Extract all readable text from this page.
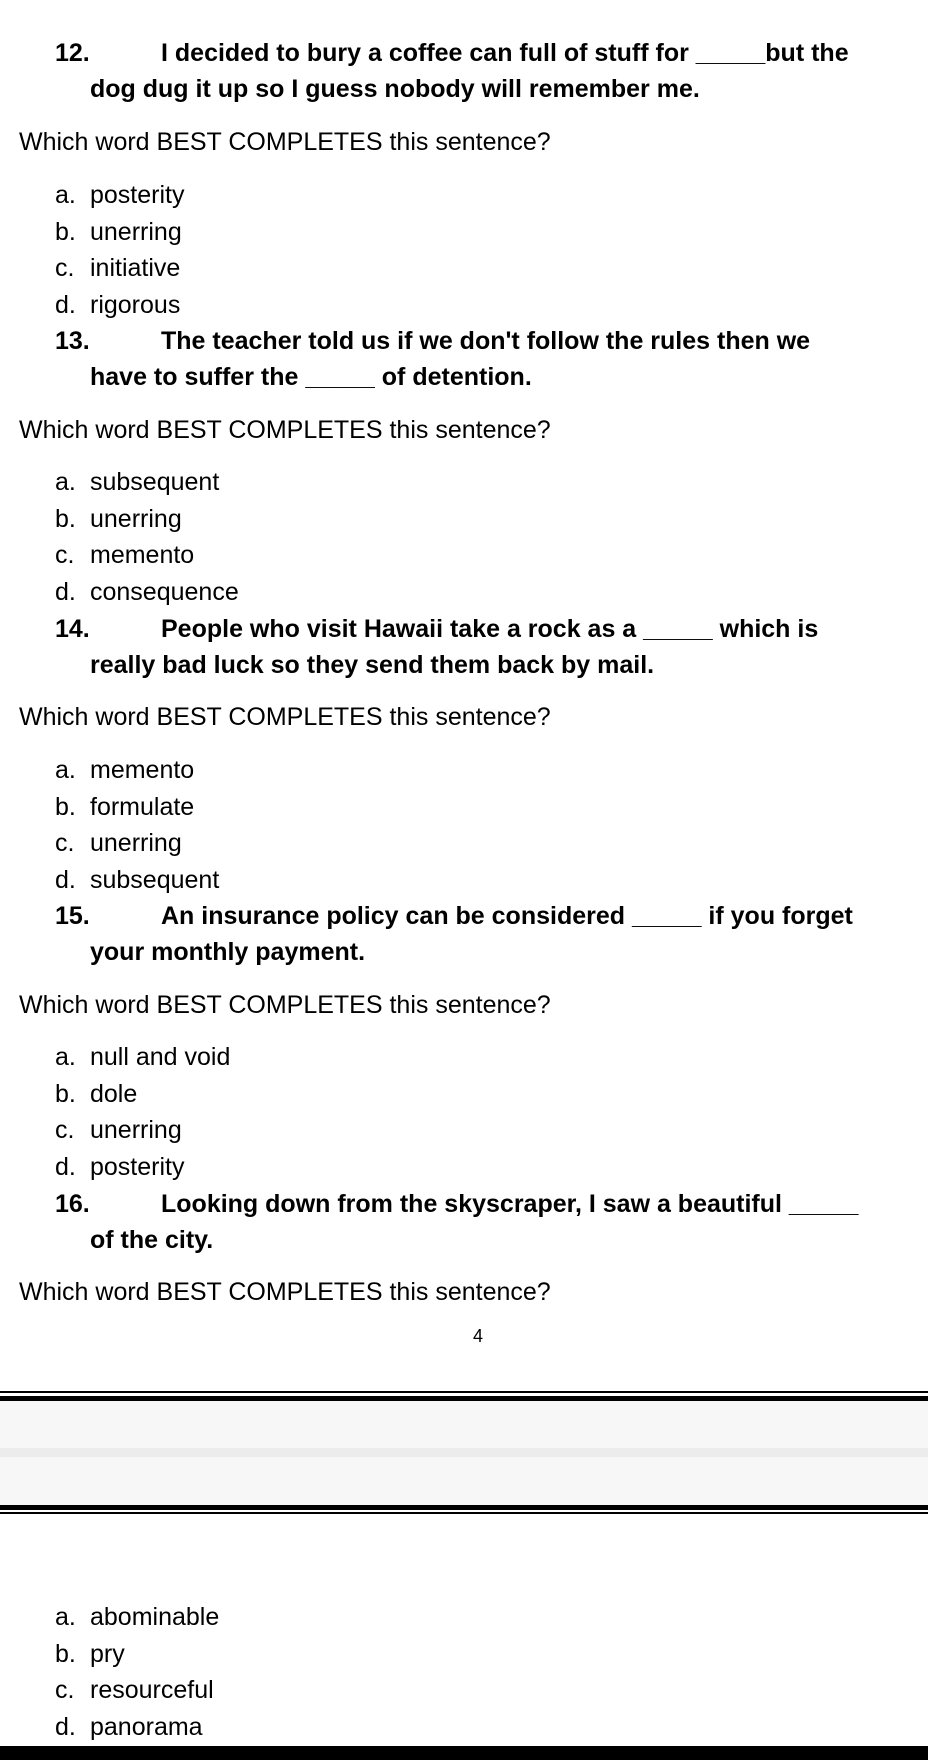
12.	I decided to bury a coffee can full of stuff for _____but the
dog dug it up so I guess nobody will remember me.
Which word BEST COMPLETES this sentence?
a. posterity
b. unerring
c. initiative
d. rigorous
13.	The teacher told us if we don't follow the rules then we
have to suffer the _____ of detention.
Which word BEST COMPLETES this sentence?
a. subsequent
b. unerring
c. memento
d. consequence
14.	People who visit Hawaii take a rock as a _____ which is
really bad luck so they send them back by mail.
Which word BEST COMPLETES this sentence?
a. memento
b. formulate
c. unerring
d. subsequent
15.	An insurance policy can be considered _____ if you forget
your monthly payment.
Which word BEST COMPLETES this sentence?
a. null and void
b. dole
c. unerring
d. posterity
16.	Looking down from the skyscraper, I saw a beautiful _____
of the city.
Which word BEST COMPLETES this sentence?
4
a. abominable
b. pry
c. resourceful
d. panorama
